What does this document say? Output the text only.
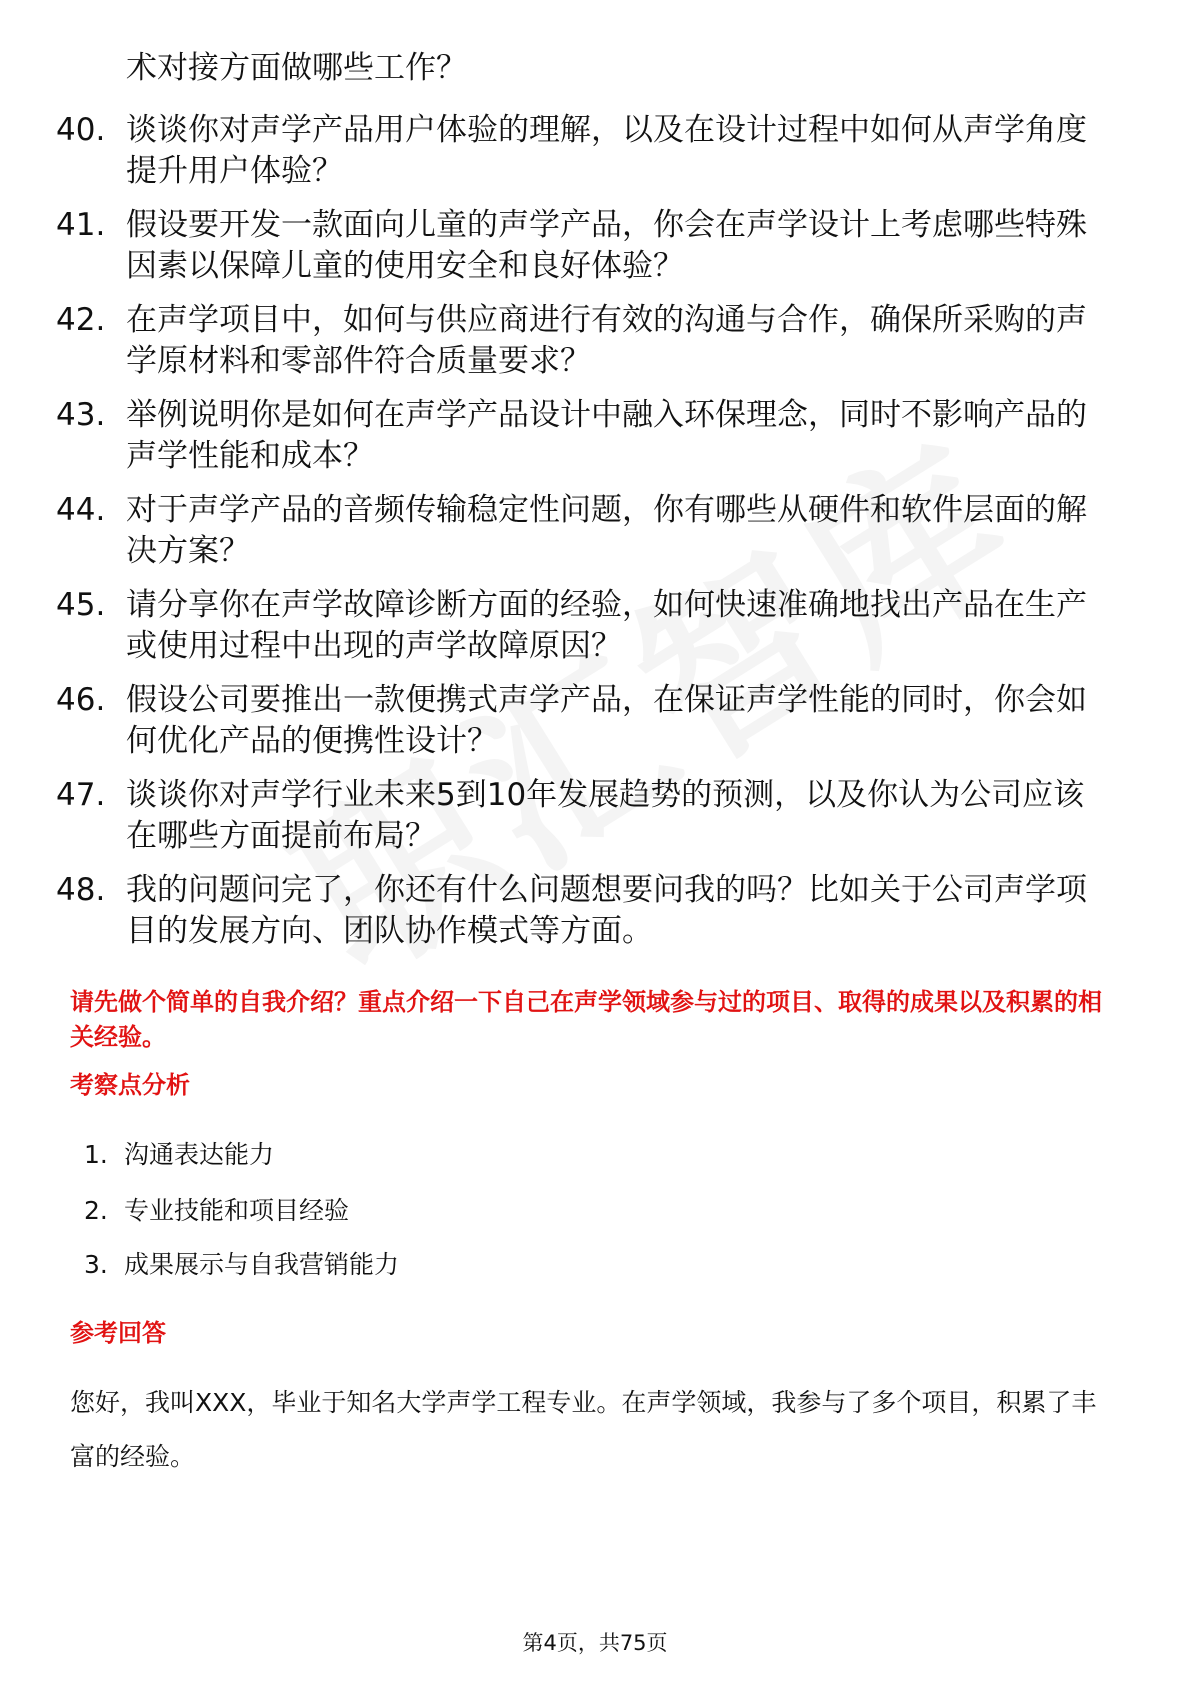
术对接方面做哪些工作？
40. 谈谈你对声学产品用户体验的理解，以及在设计过程中如何从声学角度提升用户体验？
41. 假设要开发一款面向儿童的声学产品，你会在声学设计上考虑哪些特殊因素以保障儿童的使用安全和良好体验？
42. 在声学项目中，如何与供应商进行有效的沟通与合作，确保所采购的声学原材料和零部件符合质量要求？
43. 举例说明你是如何在声学产品设计中融入环保理念，同时不影响产品的声学性能和成本？
44. 对于声学产品的音频传输稳定性问题，你有哪些从硬件和软件层面的解决方案？
45. 请分享你在声学故障诊断方面的经验，如何快速准确地找出产品在生产或使用过程中出现的声学故障原因？
46. 假设公司要推出一款便携式声学产品，在保证声学性能的同时，你会如何优化产品的便携性设计？
47. 谈谈你对声学行业未来5到10年发展趋势的预测，以及你认为公司应该在哪些方面提前布局？
48. 我的问题问完了，你还有什么问题想要问我的吗？比如关于公司声学项目的发展方向、团队协作模式等方面。
请先做个简单的自我介绍？重点介绍一下自己在声学领域参与过的项目、取得的成果以及积累的相关经验。
考察点分析
1. 沟通表达能力
2. 专业技能和项目经验
3. 成果展示与自我营销能力
参考回答
您好，我叫XXX，毕业于知名大学声学工程专业。在声学领域，我参与了多个项目，积累了丰富的经验。
第4页，共75页
